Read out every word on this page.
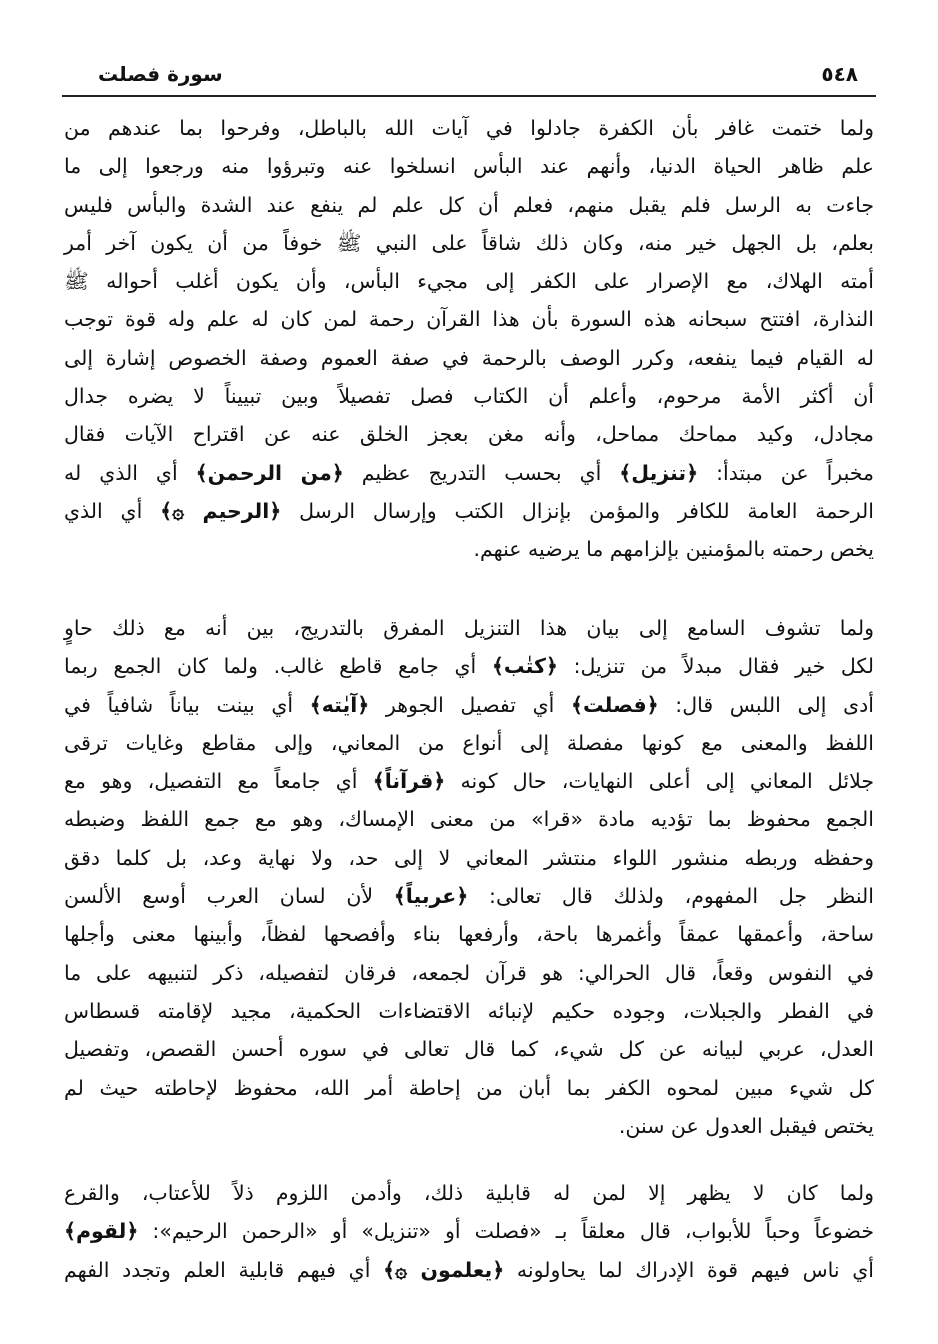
سورة فصلت	٥٤٨
ولما ختمت غافر بأن الكفرة جادلوا في آيات الله بالباطل، وفرحوا بما عندهم من
علم ظاهر الحياة الدنيا، وأنهم عند البأس انسلخوا عنه وتبرؤوا منه ورجعوا إلى ما
جاءت به الرسل فلم يقبل منهم، فعلم أن كل علم لم ينفع عند الشدة والبأس فليس
بعلم، بل الجهل خير منه، وكان ذلك شاقاً على النبي ﷺ خوفاً من أن يكون آخر أمر
أمته الهلاك، مع الإصرار على الكفر إلى مجيء البأس، وأن يكون أغلب أحواله ﷺ
النذارة، افتتح سبحانه هذه السورة بأن هذا القرآن رحمة لمن كان له علم وله قوة توجب
له القيام فيما ينفعه، وكرر الوصف بالرحمة في صفة العموم وصفة الخصوص إشارة إلى
أن أكثر الأمة مرحوم، وأعلم أن الكتاب فصل تفصيلاً وبين تبييناً لا يضره جدال
مجادل، وكيد مماحك مماحل، وأنه مغن بعجز الخلق عنه عن اقتراح الآيات فقال
مخبراً عن مبتدأ: ﴿تنزيل﴾ أي بحسب التدريج عظيم ﴿من الرحمن﴾ أي الذي له
الرحمة العامة للكافر والمؤمن بإنزال الكتب وإرسال الرسل ﴿الرحيم ۞﴾ أي الذي
يخص رحمته بالمؤمنين بإلزامهم ما يرضيه عنهم.
ولما تشوف السامع إلى بيان هذا التنزيل المفرق بالتدريج، بين أنه مع ذلك حاوٍ
لكل خير فقال مبدلاً من تنزيل: ﴿كتٰب﴾ أي جامع قاطع غالب. ولما كان الجمع ربما
أدى إلى اللبس قال: ﴿فصلت﴾ أي تفصيل الجوهر ﴿آيٰته﴾ أي بينت بياناً شافياً في
اللفظ والمعنى مع كونها مفصلة إلى أنواع من المعاني، وإلى مقاطع وغايات ترقى
جلائل المعاني إلى أعلى النهايات، حال كونه ﴿قرآناً﴾ أي جامعاً مع التفصيل، وهو مع
الجمع محفوظ بما تؤديه مادة «قرا» من معنى الإمساك، وهو مع جمع اللفظ وضبطه
وحفظه وربطه منشور اللواء منتشر المعاني لا إلى حد، ولا نهاية وعد، بل كلما دقق
النظر جل المفهوم، ولذلك قال تعالى: ﴿عربياً﴾ لأن لسان العرب أوسع الألسن
ساحة، وأعمقها عمقاً وأغمرها باحة، وأرفعها بناء وأفصحها لفظاً، وأبينها معنى وأجلها
في النفوس وقعاً، قال الحرالي: هو قرآن لجمعه، فرقان لتفصيله، ذكر لتنبيهه على ما
في الفطر والجبلات، وجوده حكيم لإنبائه الاقتضاءات الحكمية، مجيد لإقامته قسطاس
العدل، عربي لبيانه عن كل شيء، كما قال تعالى في سوره أحسن القصص، وتفصيل
كل شيء مبين لمحوه الكفر بما أبان من إحاطة أمر الله، محفوظ لإحاطته حيث لم
يختص فيقبل العدول عن سنن.
ولما كان لا يظهر إلا لمن له قابلية ذلك، وأدمن اللزوم ذلاً للأعتاب، والقرع
خضوعاً وحباً للأبواب، قال معلقاً بـ «فصلت أو «تنزيل» أو «الرحمن الرحيم»: ﴿لقوم﴾
أي ناس فيهم قوة الإدراك لما يحاولونه ﴿يعلمون ۞﴾ أي فيهم قابلية العلم وتجدد الفهم
